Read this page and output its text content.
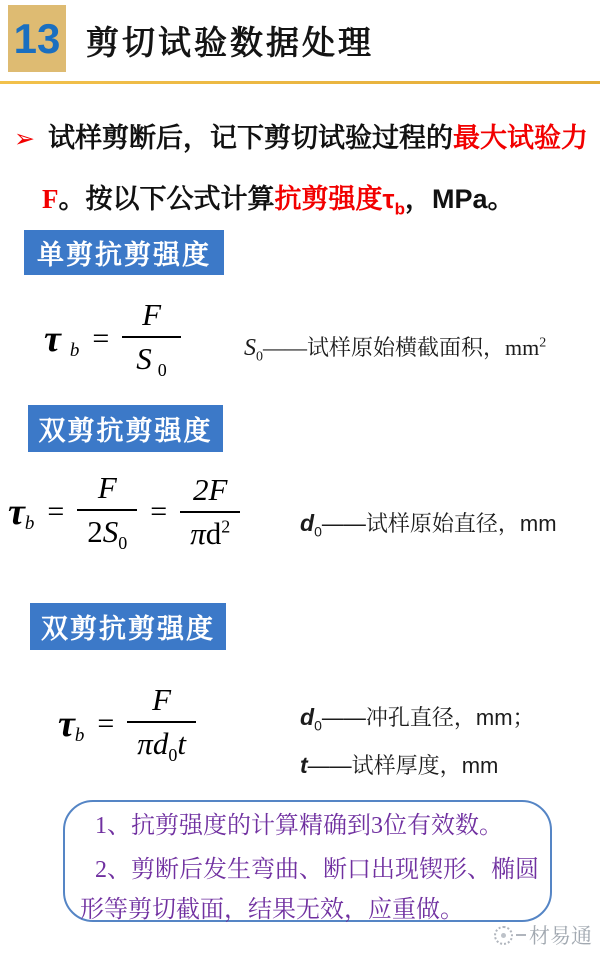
13 剪切试验数据处理
➢ 试样剪断后，记下剪切试验过程的最大试验力
F。按以下公式计算抗剪强度$\tau_b$，MPa。
单剪抗剪强度
τ $b = \frac{F}{S _0}$	$S_0——$试样原始横截面积，$mm^2$
双剪抗剪强度
τ $b = \frac{F}{2S_0} = \frac{2F}{\pi d^2}$	$d_0——$试样原始直径，mm
双剪抗剪强度
τ $b = \frac{F}{\pi d_0t}$	$d_0——$冲孔直径，mm；
t——试样厚度，mm
1、抗剪强度的计算精确到3位有效数。
2、剪断后发生弯曲、断口出现锲形、椭圆
形等剪切截面，结果无效，应重做。
材易通
